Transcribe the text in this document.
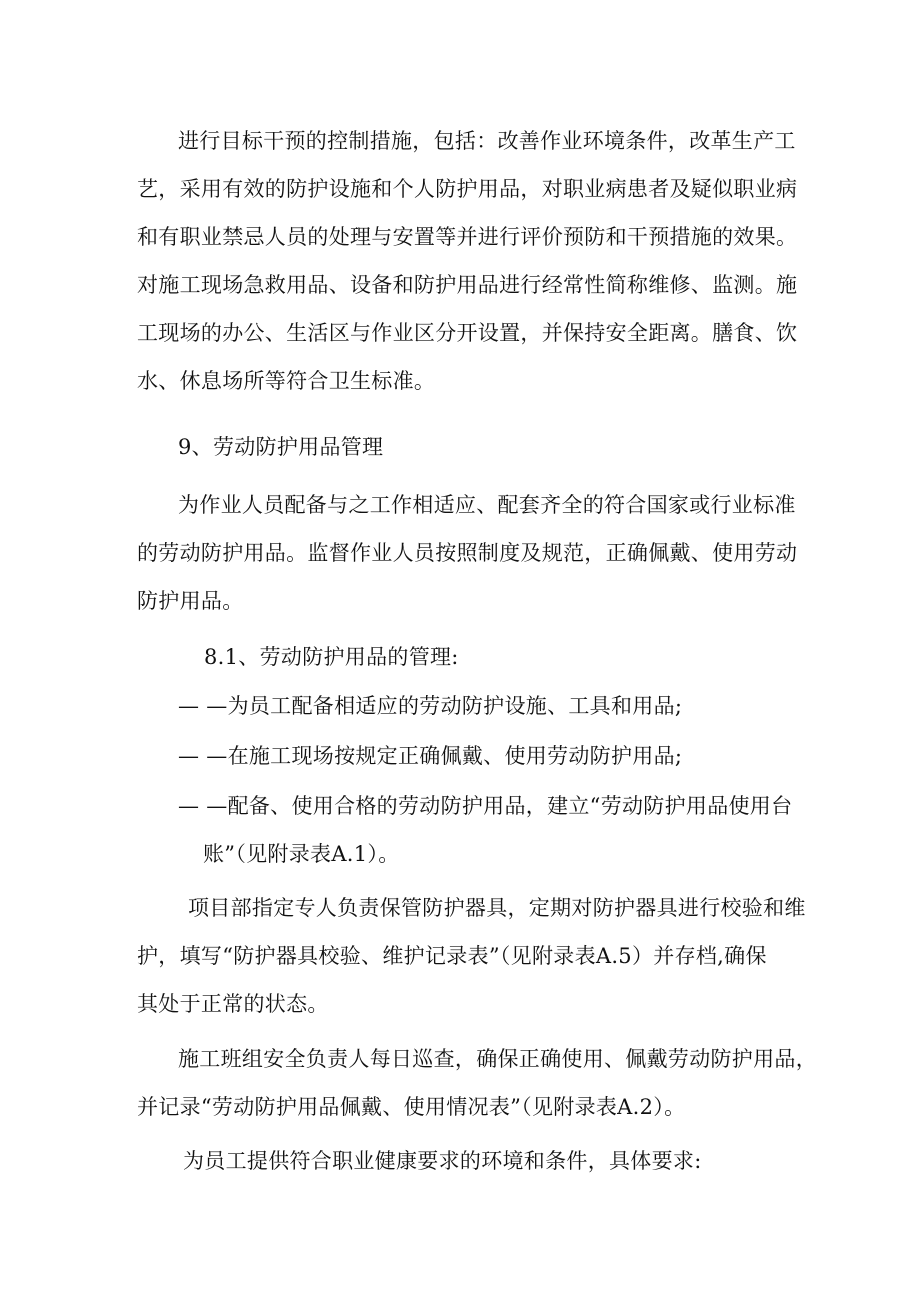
进行目标干预的控制措施，包括：改善作业环境条件，改革生产工
艺，采用有效的防护设施和个人防护用品，对职业病患者及疑似职业病
和有职业禁忌人员的处理与安置等并进行评价预防和干预措施的效果。
对施工现场急救用品、设备和防护用品进行经常性简称维修、监测。施
工现场的办公、生活区与作业区分开设置，并保持安全距离。膳食、饮
水、休息场所等符合卫生标准。
9、劳动防护用品管理
为作业人员配备与之工作相适应、配套齐全的符合国家或行业标准
的劳动防护用品。监督作业人员按照制度及规范，正确佩戴、使用劳动
防护用品。
8.1、劳动防护用品的管理:
— —为员工配备相适应的劳动防护设施、工具和用品;
— —在施工现场按规定正确佩戴、使用劳动防护用品;
— —配备、使用合格的劳动防护用品，建立“劳动防护用品使用台
账”（见附录表A.1）。
项目部指定专人负责保管防护器具，定期对防护器具进行校验和维
护，填写“防护器具校验、维护记录表”（见附录表A.5）并存档,确保
其处于正常的状态。
施工班组安全负责人每日巡查，确保正确使用、佩戴劳动防护用品，
并记录“劳动防护用品佩戴、使用情况表”（见附录表A.2）。
为员工提供符合职业健康要求的环境和条件，具体要求:
